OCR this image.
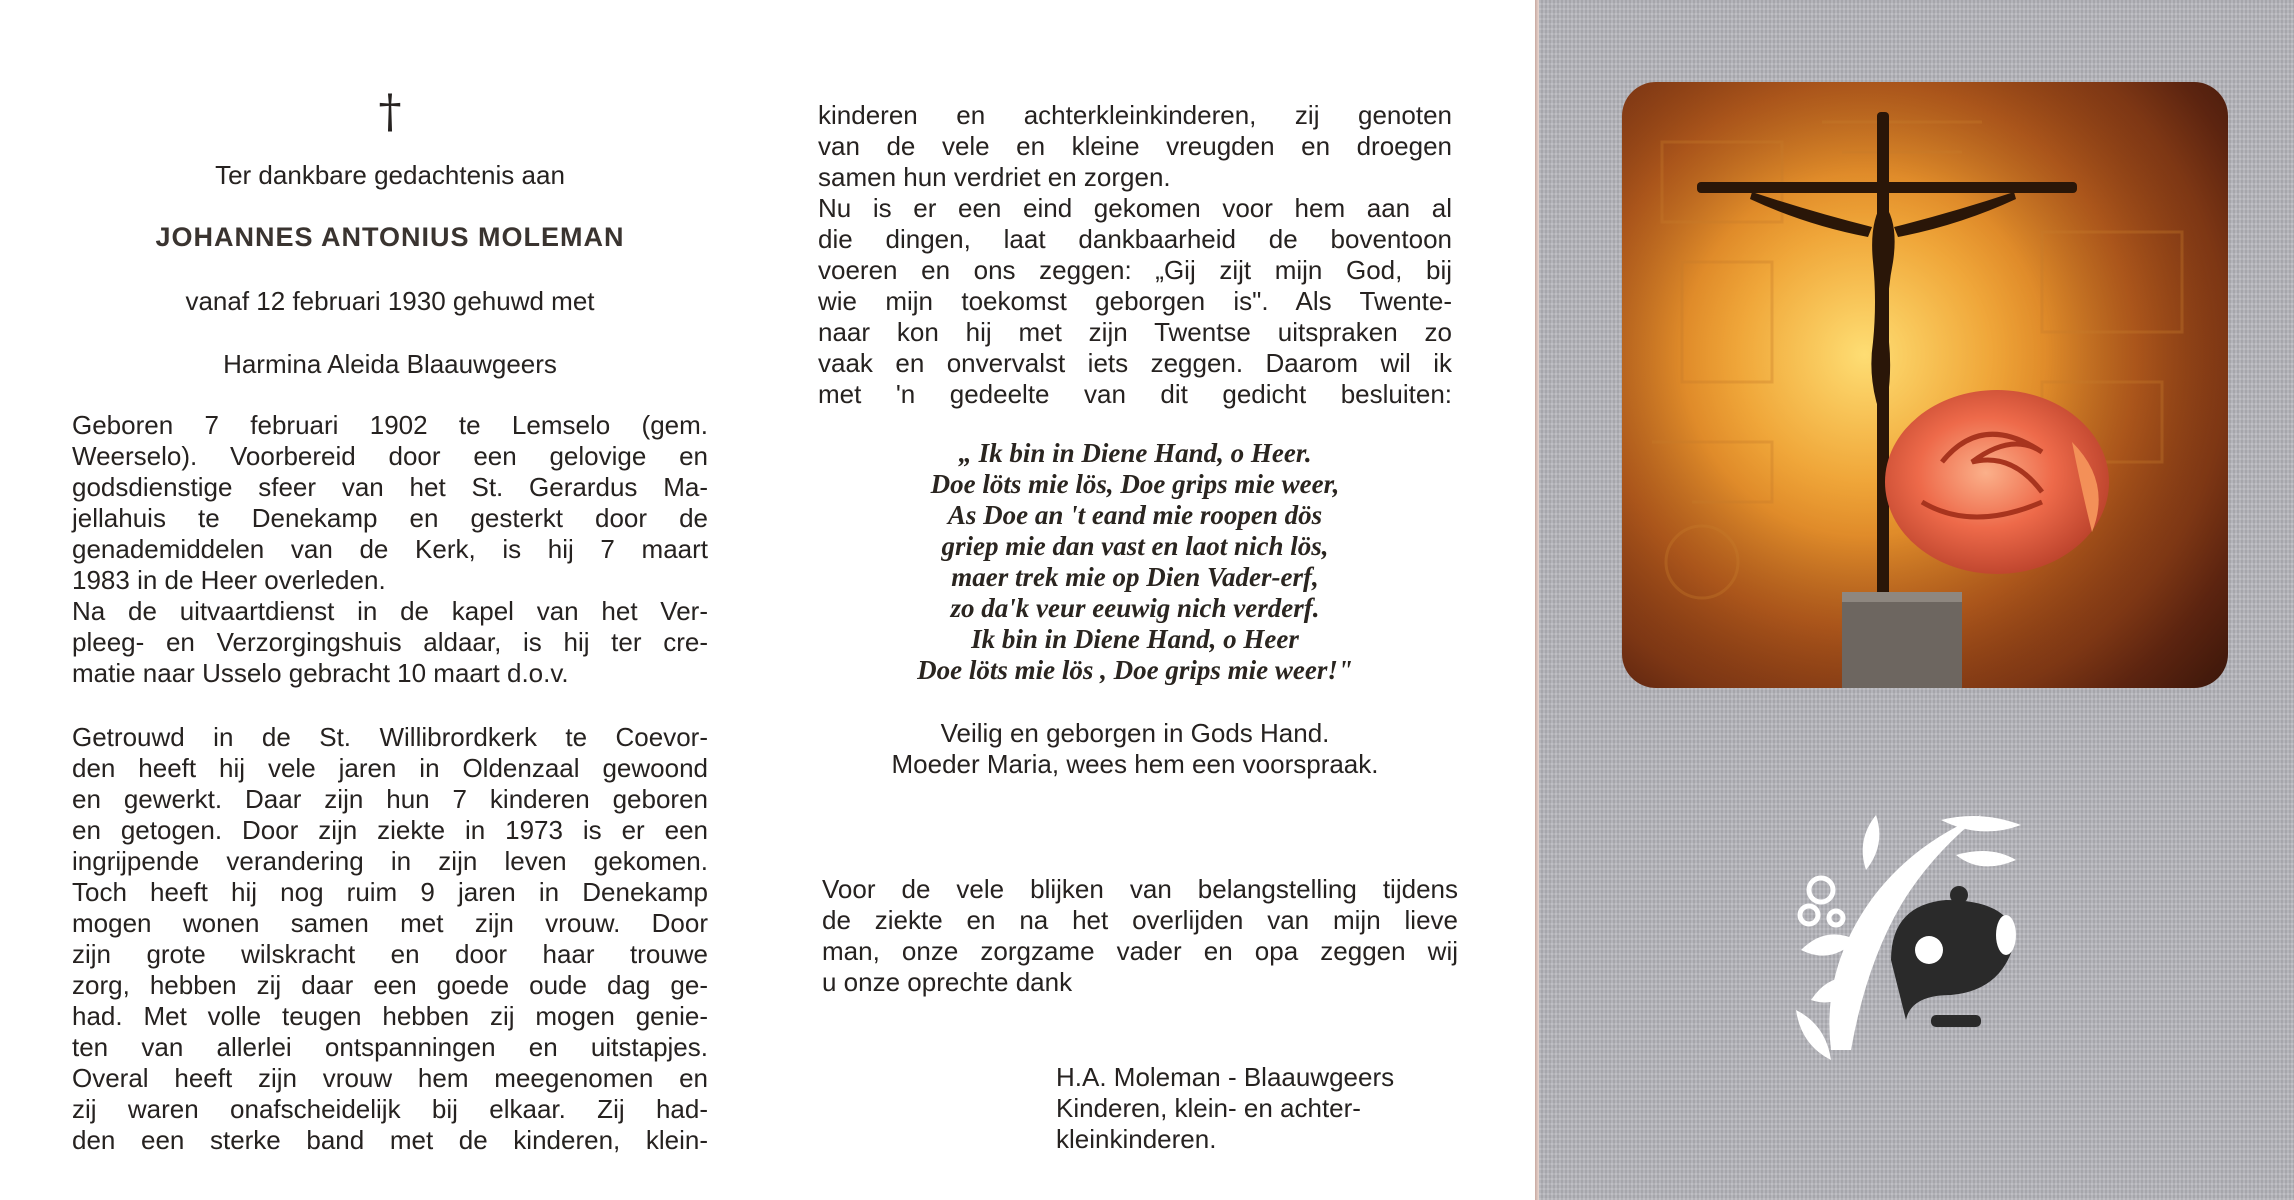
†
Ter dankbare gedachtenis aan
JOHANNES ANTONIUS MOLEMAN
vanaf 12 februari 1930 gehuwd met
Harmina Aleida Blaauwgeers

Geboren 7 februari 1902 te Lemselo (gem.

Weerselo). Voorbereid door een gelovige en

godsdienstige sfeer van het St. Gerardus Ma-

jellahuis te Denekamp en gesterkt door de

genademiddelen van de Kerk, is hij 7 maart

1983 in de Heer overleden.

Na de uitvaartdienst in de kapel van het Ver-

pleeg- en Verzorgingshuis aldaar, is hij ter cre-

matie naar Usselo gebracht 10 maart d.o.v.

Getrouwd in de St. Willibrordkerk te Coevor-

den heeft hij vele jaren in Oldenzaal gewoond

en gewerkt. Daar zijn hun 7 kinderen geboren

en getogen. Door zijn ziekte in 1973 is er een

ingrijpende verandering in zijn leven gekomen.

Toch heeft hij nog ruim 9 jaren in Denekamp

mogen wonen samen met zijn vrouw. Door

zijn grote wilskracht en door haar trouwe

zorg, hebben zij daar een goede oude dag ge-

had. Met volle teugen hebben zij mogen genie-

ten van allerlei ontspanningen en uitstapjes.

Overal heeft zijn vrouw hem meegenomen en

zij waren onafscheidelijk bij elkaar. Zij had-

den een sterke band met de kinderen, klein-

kinderen en achterkleinkinderen, zij genoten

van de vele en kleine vreugden en droegen

samen hun verdriet en zorgen.

Nu is er een eind gekomen voor hem aan al

die dingen, laat dankbaarheid de boventoon

voeren en ons zeggen: „Gij zijt mijn God, bij

wie mijn toekomst geborgen is". Als Twente-

naar kon hij met zijn Twentse uitspraken zo

vaak en onvervalst iets zeggen. Daarom wil ik

met 'n gedeelte van dit gedicht besluiten:

„ Ik bin in Diene Hand, o Heer.
Doe löts mie lös, Doe grips mie weer,
As Doe an 't eand mie roopen dös
griep mie dan vast en laot nich lös,
maer trek mie op Dien Vader-erf,
zo da'k veur eeuwig nich verderf.
Ik bin in Diene Hand, o Heer
Doe löts mie lös , Doe grips mie weer!"

Veilig en geborgen in Gods Hand.

Moeder Maria, wees hem een voorspraak.

Voor de vele blijken van belangstelling tijdens

de ziekte en na het overlijden van mijn lieve

man, onze zorgzame vader en opa zeggen wij

u onze oprechte dank

H.A. Moleman - Blaauwgeers

Kinderen, klein- en achter-

kleinkinderen.
